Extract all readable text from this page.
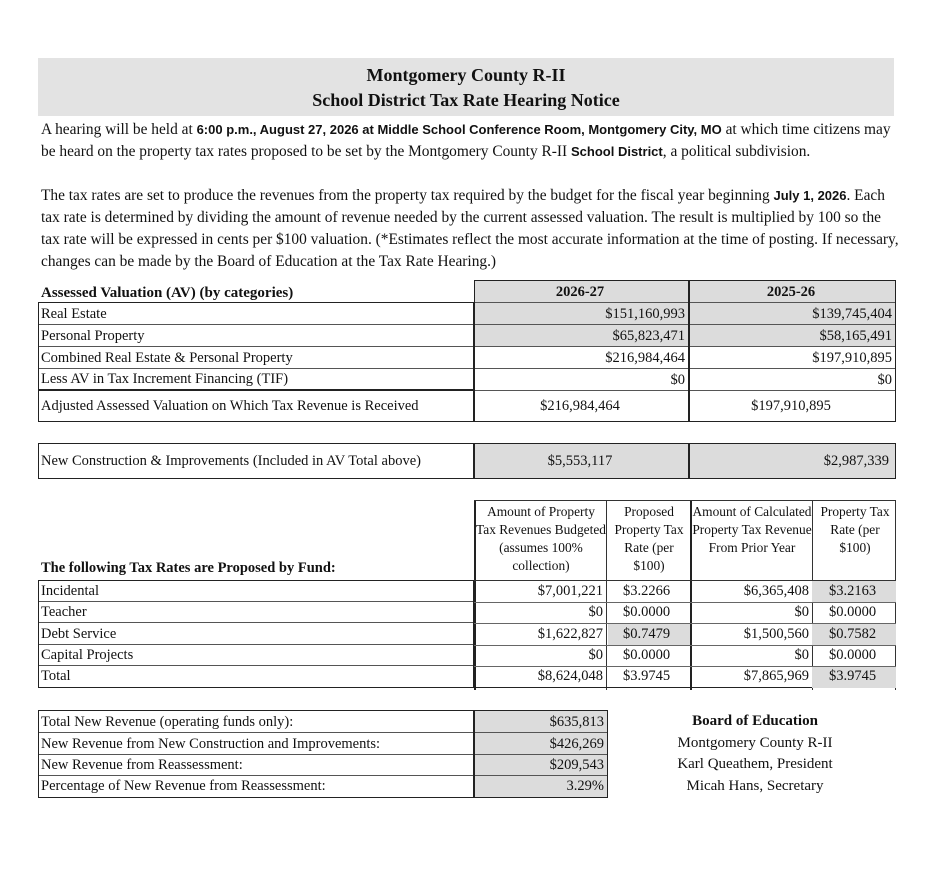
Montgomery County R-II
School District Tax Rate Hearing Notice
A hearing will be held at 6:00 p.m., August 27, 2026 at Middle School Conference Room, Montgomery City, MO at which time citizens may be heard on the property tax rates proposed to be set by the Montgomery County R-II School District, a political subdivision.
The tax rates are set to produce the revenues from the property tax required by the budget for the fiscal year beginning July 1, 2026. Each tax rate is determined by dividing the amount of revenue needed by the current assessed valuation. The result is multiplied by 100 so the tax rate will be expressed in cents per $100 valuation. (*Estimates reflect the most accurate information at the time of posting. If necessary, changes can be made by the Board of Education at the Tax Rate Hearing.)
Assessed Valuation (AV) (by categories)
Real Estate
Personal Property
Combined Real Estate & Personal Property
Less AV in Tax Increment Financing (TIF)
Adjusted Assessed Valuation on Which Tax Revenue is Received
2026-27
$151,160,993
$65,823,471
$216,984,464
$0
$216,984,464
2025-26
$139,745,404
$58,165,491
$197,910,895
$0
$197,910,895
New Construction & Improvements (Included in AV Total above)	$5,553,117	$2,987,339
The following Tax Rates are Proposed by Fund:
Amount of Property Tax Revenues Budgeted (assumes 100% collection)
Proposed Property Tax Rate (per $100)
Amount of Calculated Property Tax Revenue From Prior Year
Property Tax Rate (per $100)
Incidental
Teacher
Debt Service
Capital Projects
Total
$7,001,221
$0
$1,622,827
$0
$8,624,048
$3.2266
$0.0000
$0.7479
$0.0000
$3.9745
$6,365,408
$0
$1,500,560
$0
$7,865,969
$3.2163
$0.0000
$0.7582
$0.0000
$3.9745
Total New Revenue (operating funds only):
New Revenue from New Construction and Improvements:
New Revenue from Reassessment:
Percentage of New Revenue from Reassessment:
$635,813
$426,269
$209,543
3.29%
Board of Education
Montgomery County R-II
Karl Queathem, President
Micah Hans, Secretary
